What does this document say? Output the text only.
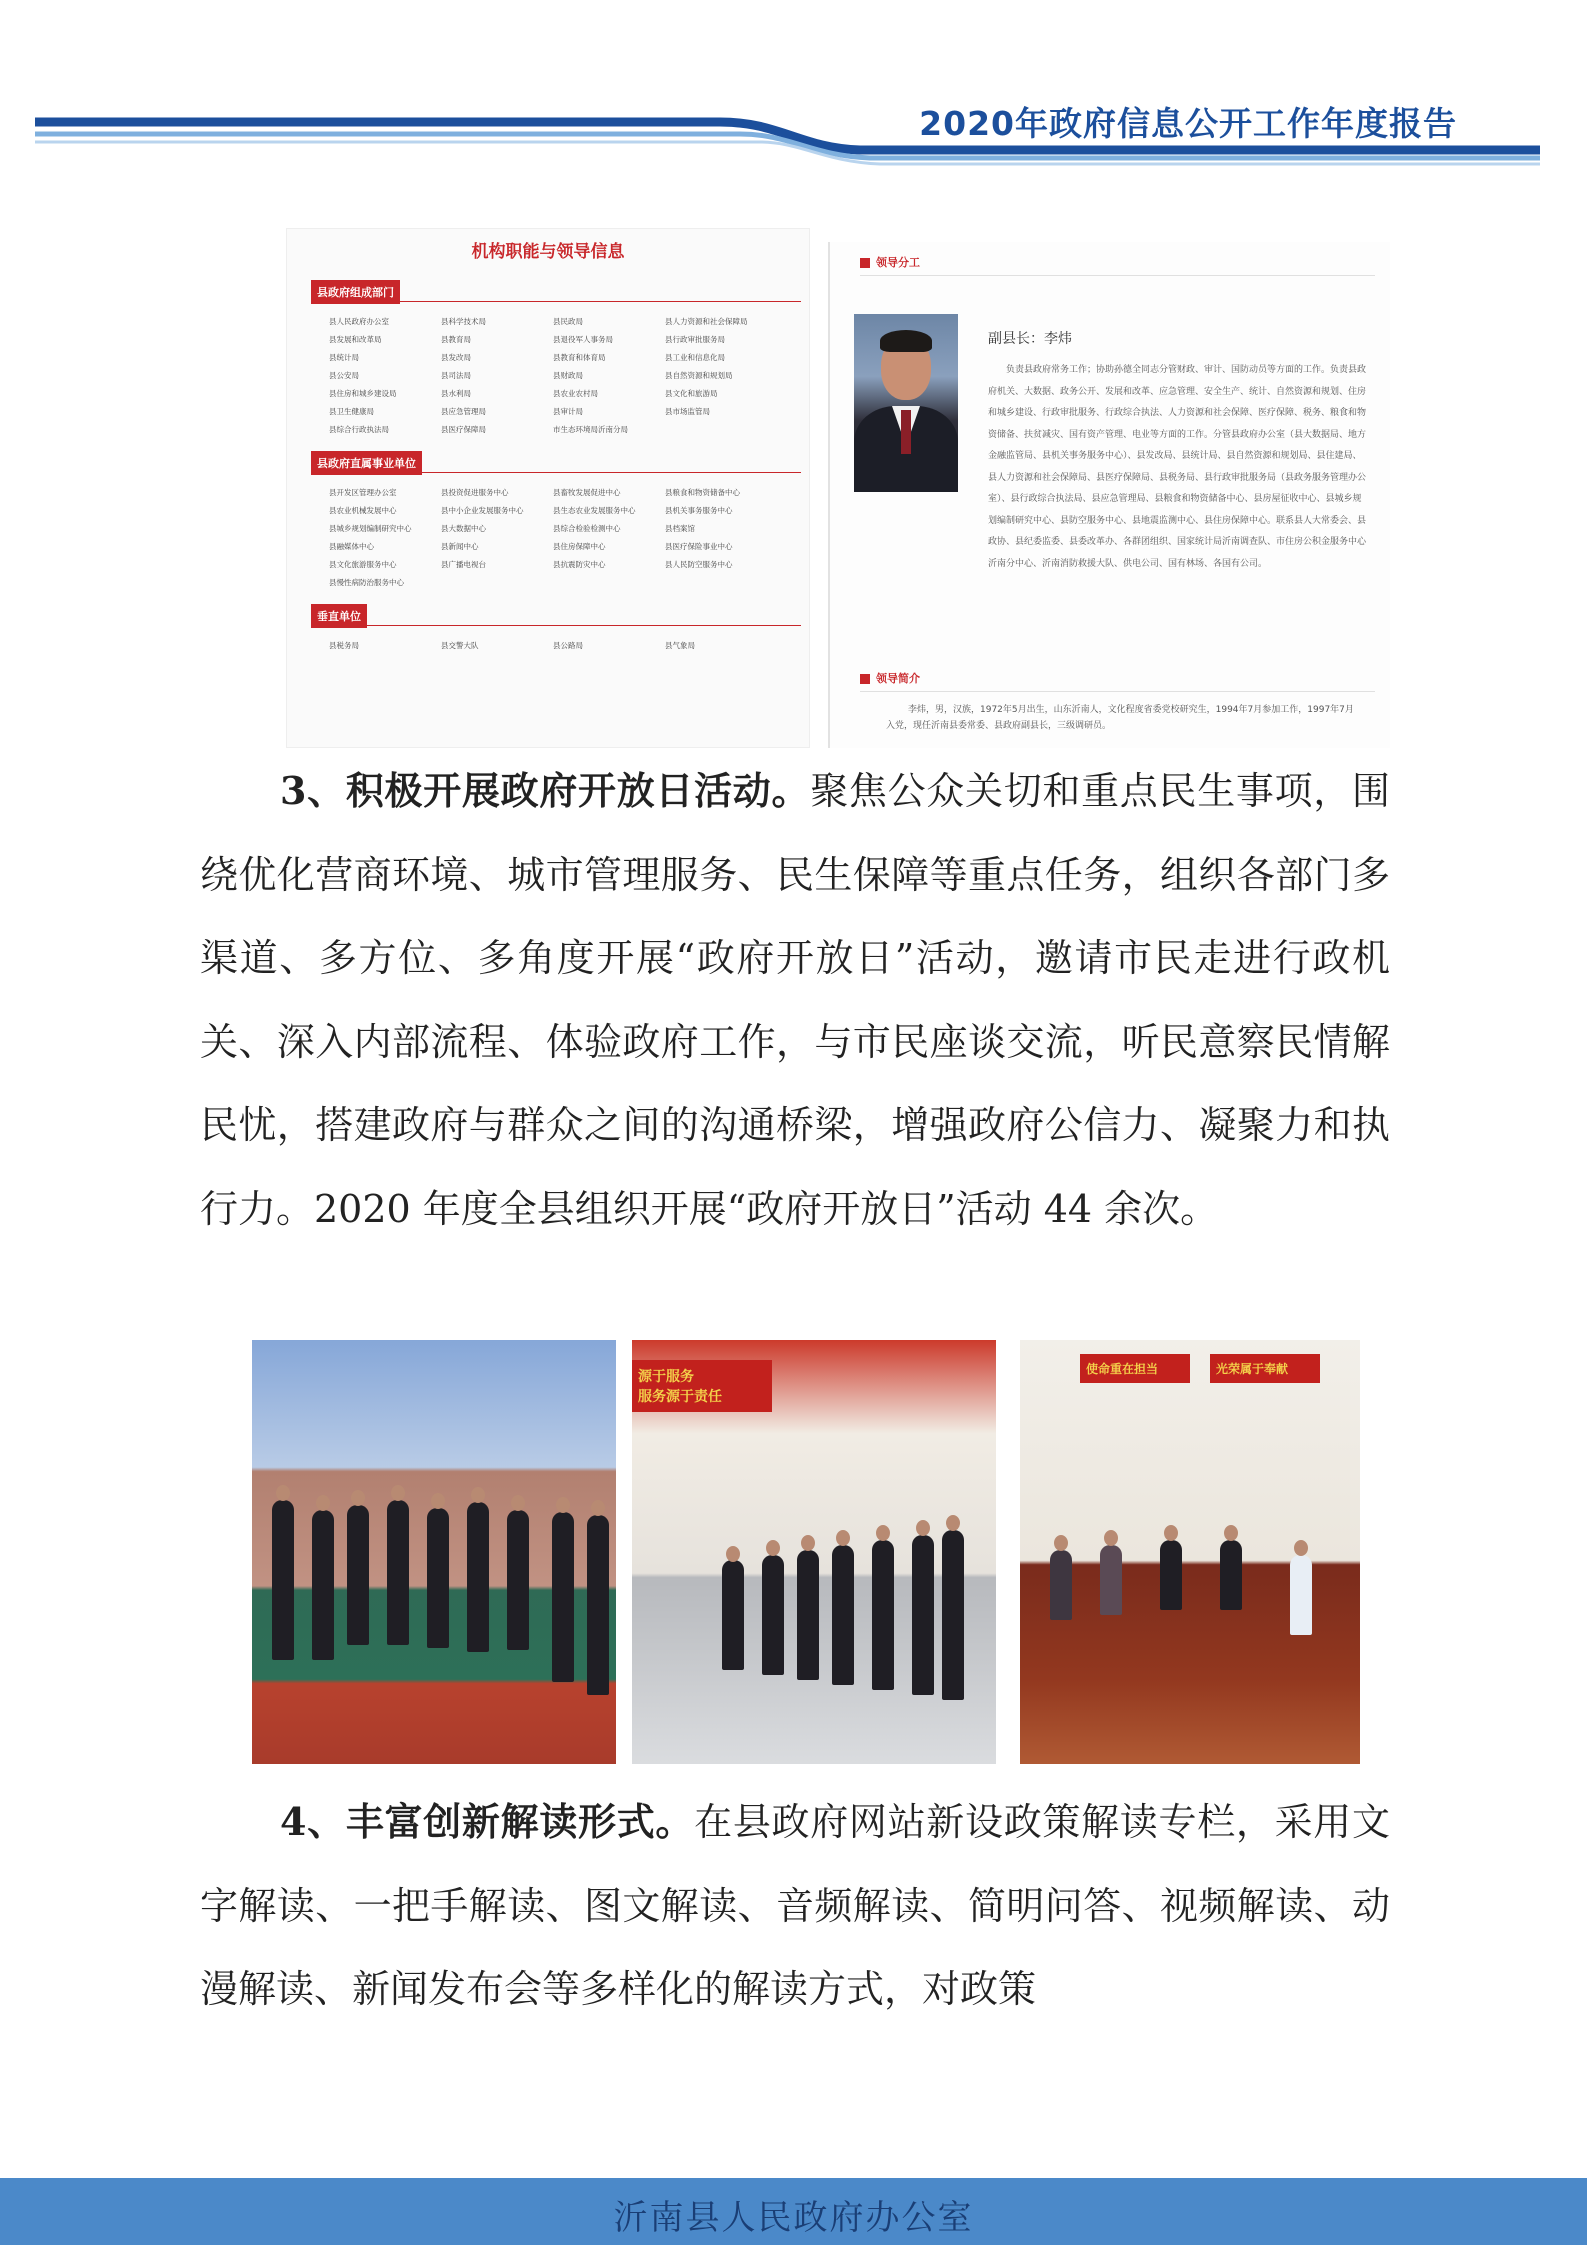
2020年政府信息公开工作年度报告
机构职能与领导信息
县政府组成部门
县人民政府办公室	县科学技术局	县民政局	县人力资源和社会保障局
县发展和改革局	县教育局	县退役军人事务局	县行政审批服务局
县统计局	县发改局	县教育和体育局	县工业和信息化局
县公安局	县司法局	县财政局	县自然资源和规划局
县住房和城乡建设局	县水利局	县农业农村局	县文化和旅游局
县卫生健康局	县应急管理局	县审计局	县市场监管局
县综合行政执法局	县医疗保障局	市生态环境局沂南分局
县政府直属事业单位
县开发区管理办公室	县投资促进服务中心	县畜牧发展促进中心	县粮食和物资储备中心
县农业机械发展中心	县中小企业发展服务中心	县生态农业发展服务中心	县机关事务服务中心
县城乡规划编制研究中心	县大数据中心	县综合检验检测中心	县档案馆
县融媒体中心	县新闻中心	县住房保障中心	县医疗保险事业中心
县文化旅游服务中心	县广播电视台	县抗震防灾中心	县人民防空服务中心
县慢性病防治服务中心
垂直单位
县税务局	县交警大队	县公路局	县气象局
领导分工
副县长：李炜
负责县政府常务工作；协助孙德全同志分管财政、审计、国防动员等方面的工作。负责县政府机关、大数据、政务公开、发展和改革、应急管理、安全生产、统计、自然资源和规划、住房和城乡建设、行政审批服务、行政综合执法、人力资源和社会保障、医疗保障、税务、粮食和物资储备、扶贫减灾、国有资产管理、电业等方面的工作。分管县政府办公室（县大数据局、地方金融监管局、县机关事务服务中心）、县发改局、县统计局、县自然资源和规划局、县住建局、县人力资源和社会保障局、县医疗保障局、县税务局、县行政审批服务局（县政务服务管理办公室）、县行政综合执法局、县应急管理局、县粮食和物资储备中心、县房屋征收中心、县城乡规划编制研究中心、县防空服务中心、县地震监测中心、县住房保障中心。联系县人大常委会、县政协、县纪委监委、县委改革办、各群团组织、国家统计局沂南调查队、市住房公积金服务中心沂南分中心、沂南消防救援大队、供电公司、国有林场、各国有公司。
领导简介
李炜，男，汉族，1972年5月出生，山东沂南人，文化程度省委党校研究生，1994年7月参加工作，1997年7月入党，现任沂南县委常委、县政府副县长，三级调研员。
3、积极开展政府开放日活动。聚焦公众关切和重点民生事项，围绕优化营商环境、城市管理服务、民生保障等重点任务，组织各部门多渠道、多方位、多角度开展“政府开放日”活动，邀请市民走进行政机关、深入内部流程、体验政府工作，与市民座谈交流，听民意察民情解民忧，搭建政府与群众之间的沟通桥梁，增强政府公信力、凝聚力和执行力。2020 年度全县组织开展“政府开放日”活动 44 余次。
源于服务
服务源于责任
使命重在担当	光荣属于奉献
4、丰富创新解读形式。在县政府网站新设政策解读专栏，采用文字解读、一把手解读、图文解读、音频解读、简明问答、视频解读、动漫解读、新闻发布会等多样化的解读方式，对政策
沂南县人民政府办公室
